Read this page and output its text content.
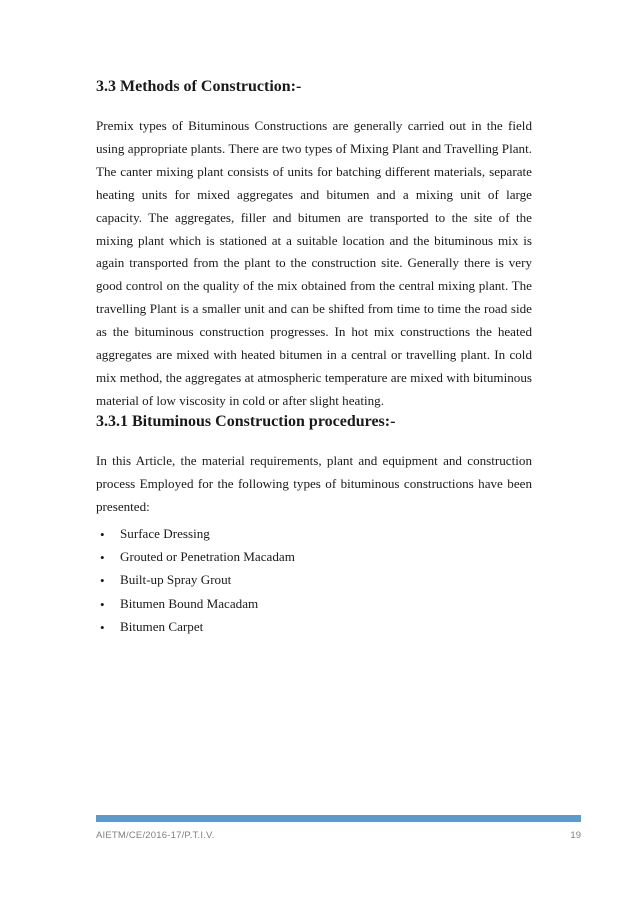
3.3 Methods of Construction:-

Premix types of Bituminous Constructions are generally carried out in the field using appropriate plants. There are two types of Mixing Plant and Travelling Plant. The canter mixing plant consists of units for batching different materials, separate heating units for mixed aggregates and bitumen and a mixing unit of large capacity. The aggregates, filler and bitumen are transported to the site of the mixing plant which is stationed at a suitable location and the bituminous mix is again transported from the plant to the construction site. Generally there is very good control on the quality of the mix obtained from the central mixing plant. The travelling Plant is a smaller unit and can be shifted from time to time the road side as the bituminous construction progresses. In hot mix constructions the heated aggregates are mixed with heated bitumen in a central or travelling plant. In cold mix method, the aggregates at atmospheric temperature are mixed with bituminous material of low viscosity in cold or after slight heating.

3.3.1 Bituminous Construction procedures:-

In this Article, the material requirements, plant and equipment and construction process Employed for the following types of bituminous constructions have been presented:

• Surface Dressing
• Grouted or Penetration Macadam
• Built-up Spray Grout
• Bitumen Bound Macadam
• Bitumen Carpet
AIETM/CE/2016-17/P.T.I.V.	19
